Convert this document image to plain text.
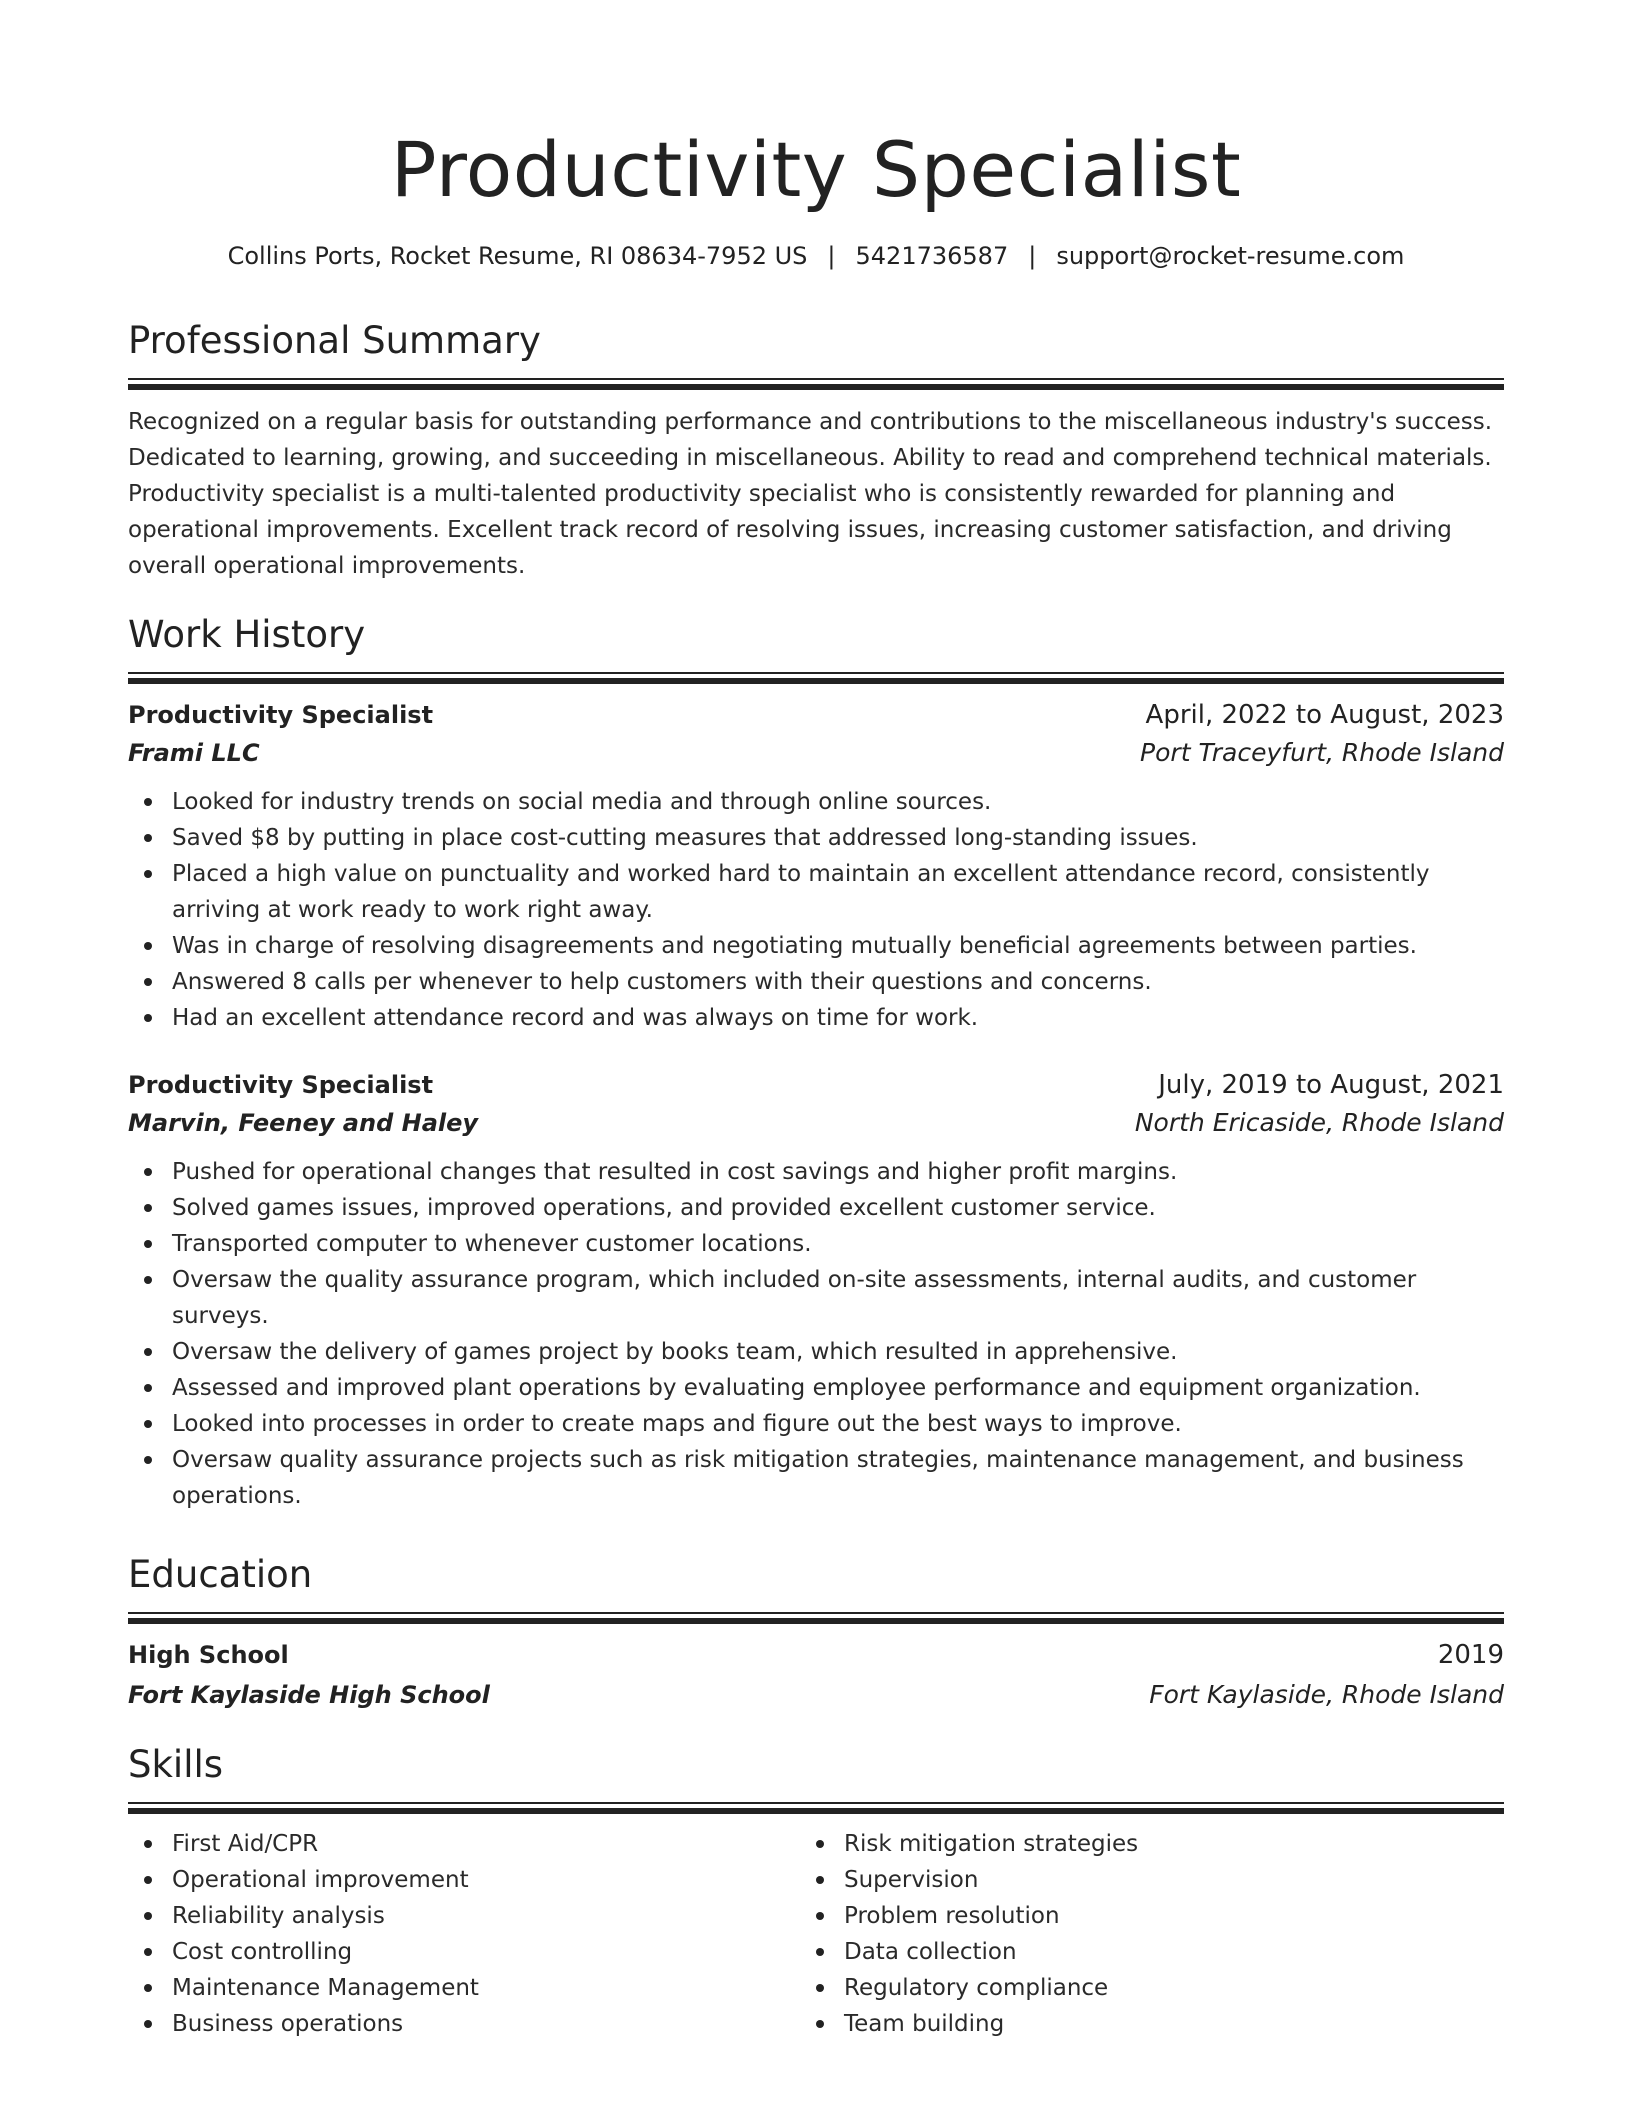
Productivity Specialist
Collins Ports, Rocket Resume, RI 08634-7952 US | 5421736587 | support@rocket-resume.com
Professional Summary
Recognized on a regular basis for outstanding performance and contributions to the miscellaneous industry's success. Dedicated to learning, growing, and succeeding in miscellaneous. Ability to read and comprehend technical materials. Productivity specialist is a multi-talented productivity specialist who is consistently rewarded for planning and operational improvements. Excellent track record of resolving issues, increasing customer satisfaction, and driving overall operational improvements.
Work History
Productivity Specialist	April, 2022 to August, 2023
Frami LLC	Port Traceyfurt, Rhode Island
Looked for industry trends on social media and through online sources.
Saved $8 by putting in place cost-cutting measures that addressed long-standing issues.
Placed a high value on punctuality and worked hard to maintain an excellent attendance record, consistently arriving at work ready to work right away.
Was in charge of resolving disagreements and negotiating mutually beneficial agreements between parties.
Answered 8 calls per whenever to help customers with their questions and concerns.
Had an excellent attendance record and was always on time for work.
Productivity Specialist	July, 2019 to August, 2021
Marvin, Feeney and Haley	North Ericaside, Rhode Island
Pushed for operational changes that resulted in cost savings and higher profit margins.
Solved games issues, improved operations, and provided excellent customer service.
Transported computer to whenever customer locations.
Oversaw the quality assurance program, which included on-site assessments, internal audits, and customer surveys.
Oversaw the delivery of games project by books team, which resulted in apprehensive.
Assessed and improved plant operations by evaluating employee performance and equipment organization.
Looked into processes in order to create maps and figure out the best ways to improve.
Oversaw quality assurance projects such as risk mitigation strategies, maintenance management, and business operations.
Education
High School	2019
Fort Kaylaside High School	Fort Kaylaside, Rhode Island
Skills
First Aid/CPR
Operational improvement
Reliability analysis
Cost controlling
Maintenance Management
Business operations
Risk mitigation strategies
Supervision
Problem resolution
Data collection
Regulatory compliance
Team building
